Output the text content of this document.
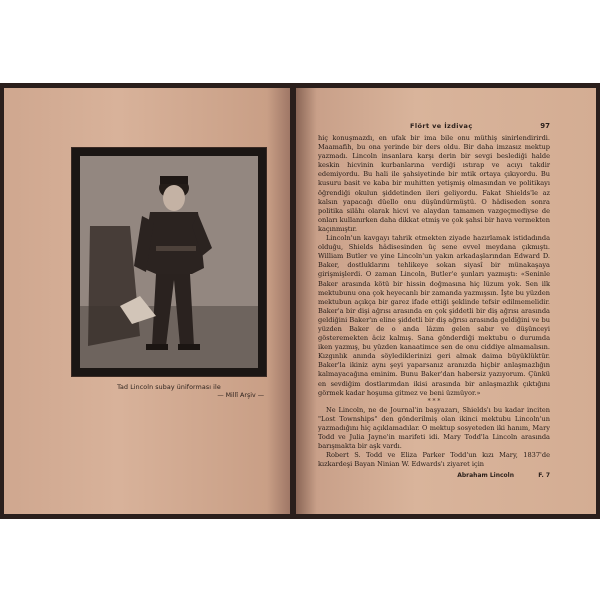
Tad Lincoln subay üniforması ile
— Millî Arşiv —
Flört ve İzdivaç	97

hiç konuşmazdı, en ufak bir ima bile onu müthiş sinirlendirirdi. Maamafih, bu ona yerinde bir ders oldu. Bir daha imzasız mektup yazmadı. Lincoln insanlara karşı derin bir sevgi beslediği halde keskin hicvinin kurbanlarına verdiği ıstırap ve acıyı takdir edemiyordu. Bu hali ile şahsiyetinde bir mtik ortaya çıkıyordu. Bu kusuru basit ve kaba bir muhitten yetişmiş olmasından ve politikayı öğrendiği okulun şiddetinden ileri geliyordu. Fakat Shields'le az kalsın yapacağı düello onu düşündürmüştü. O hâdiseden sonra politika silâhı olarak hicvi ve alaydan tamamen vazgeçmediyse de onları kullanırken daha dikkat etmiş ve çok şahsi bir hava vermekten kaçınmıştır.

Lincoln'un kavgayı tahrik etmekten ziyade hazırlamak istidadında olduğu, Shields hâdisesinden üç sene evvel meydana çıkmıştı. William Butler ve yine Lincoln'un yakın arkadaşlarından Edward D. Baker, dostluklarını tehlikeye sokan siyasî bir münakaşaya girişmişlerdi. O zaman Lincoln, Butler'e şunları yazmıştı: «Seninle Baker arasında kötü bir hissin doğmasına hiç lüzum yok. Sen ilk mektubunu ona çok heyecanlı bir zamanda yazmışsın. İşte bu yüzden mektubun açıkça bir garez ifade ettiği şeklinde tefsir edilmemelidir. Baker'a bir dişi ağrısı arasında en çok şiddetli bir diş ağrısı arasında geldiğini Baker'ın eline şiddetli bir diş ağrısı arasında geldiğini ve bu yüzden Baker de o anda lâzım gelen sabır ve düşünceyi gösteremekten âciz kalmış. Sana gönderdiği mektubu o durumda iken yazmış, bu yüzden kanaatimce sen de onu ciddiye almamalısın. Kızgınlık anında söylediklerinizi geri almak daima büyüklüktür. Baker'la ikiniz aynı şeyi yaparsanız aranızda hiçbir anlaşmazlığın kalmayacağına eminim. Bunu Baker'dan habersiz yazıyorum. Çünkü en sevdiğim dostlarımdan ikisi arasında bir anlaşmazlık çıktığını görmek kadar hoşuma gitmez ve beni üzmüyor.»

* * *

Ne Lincoln, ne de Journal'in başyazarı, Shields'ı bu kadar inciten "Lost Townships" den gönderilmiş olan ikinci mektubu Lincoln'un yazmadığını hiç açıklamadılar. O mektup sosyeteden iki hanım, Mary Todd ve Julia Jayne'in marifeti idi. Mary Todd'la Lincoln arasında barışmakta bir aşk vardı.

Robert S. Todd ve Eliza Parker Todd'un kızı Mary, 1837'de kızkardeşi Bayan Ninian W. Edwards'ı ziyaret için

Abraham Lincoln	F. 7
